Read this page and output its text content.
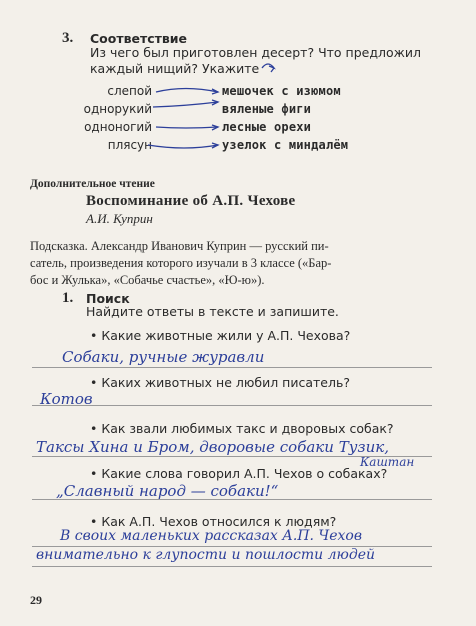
3. Соответствие
Из чего был приготовлен десерт? Что предложил
каждый нищий? Укажите
слепой
однорукий
одноногий
плясун
мешочек с изюмом
вяленые фиги
лесные орехи
узелок с миндалём
Дополнительное чтение
Воспоминание об А.П. Чехове
А.И. Куприн
Подсказка. Александр Иванович Куприн — русский пи-
сатель, произведения которого изучали в 3 классе («Бар-
бос и Жулька», «Собачье счастье», «Ю-ю»).
1. Поиск
Найдите ответы в тексте и запишите.
• Какие животные жили у А.П. Чехова?
Собаки, ручные журавли
• Каких животных не любил писатель?
Котов
• Как звали любимых такс и дворовых собак?
Таксы Хина и Бром, дворовые собаки Тузик,
Каштан
• Какие слова говорил А.П. Чехов о собаках?
„Славный народ — собаки!“
• Как А.П. Чехов относился к людям?
В своих маленьких рассказах А.П. Чехов
внимательно к глупости и пошлости людей
29
